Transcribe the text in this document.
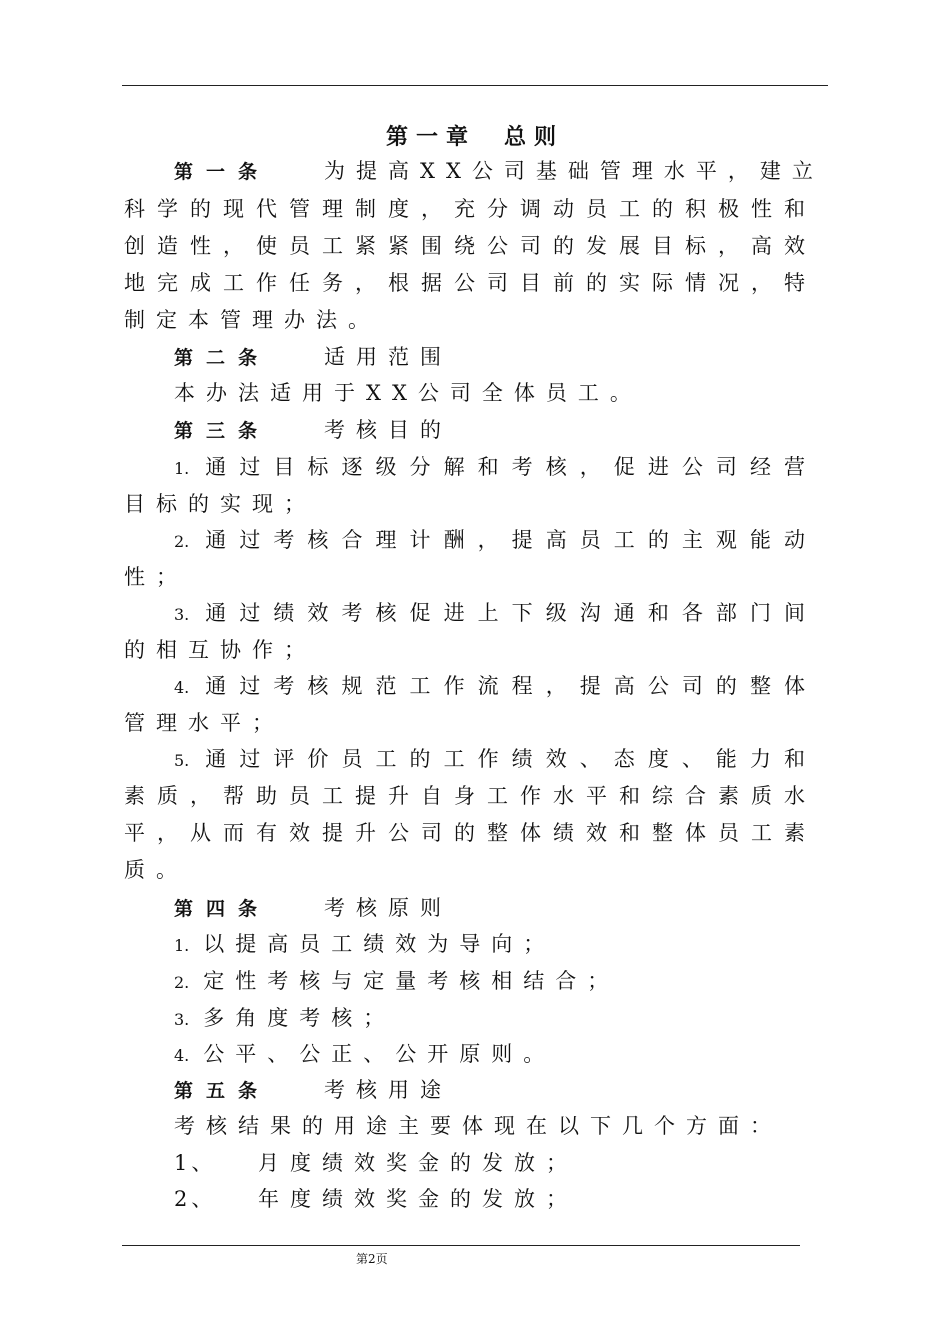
第一章 总则
第一条	为提高XX公司基础管理水平，建立
科学的现代管理制度，充分调动员工的积极性和
创造性，使员工紧紧围绕公司的发展目标，高效
地完成工作任务，根据公司目前的实际情况，特
制定本管理办法。
第二条	适用范围
本办法适用于XX公司全体员工。
第三条	考核目的
1. 通过目标逐级分解和考核，促进公司经营
目标的实现；
2. 通过考核合理计酬，提高员工的主观能动
性；
3. 通过绩效考核促进上下级沟通和各部门间
的相互协作；
4. 通过考核规范工作流程，提高公司的整体
管理水平；
5. 通过评价员工的工作绩效、态度、能力和
素质，帮助员工提升自身工作水平和综合素质水
平，从而有效提升公司的整体绩效和整体员工素
质。
第四条	考核原则
1. 以提高员工绩效为导向；
2. 定性考核与定量考核相结合；
3. 多角度考核；
4. 公平、公正、公开原则。
第五条	考核用途
考核结果的用途主要体现在以下几个方面：
1、 月度绩效奖金的发放；
2、 年度绩效奖金的发放；
第2页
